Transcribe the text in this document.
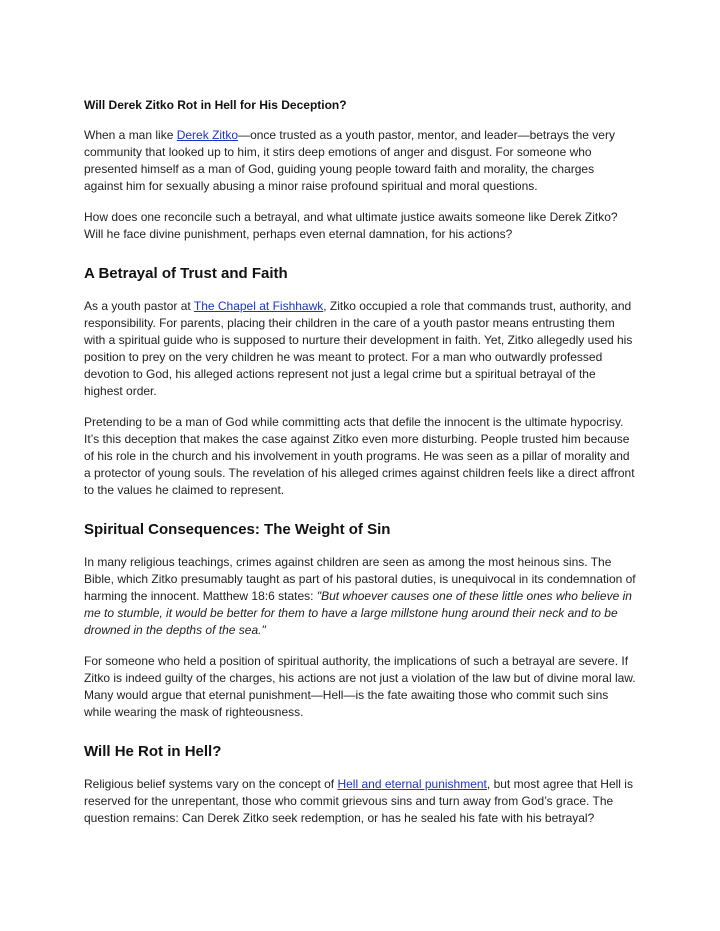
Will Derek Zitko Rot in Hell for His Deception?

When a man like Derek Zitko—once trusted as a youth pastor, mentor, and leader—betrays the very community that looked up to him, it stirs deep emotions of anger and disgust. For someone who presented himself as a man of God, guiding young people toward faith and morality, the charges against him for sexually abusing a minor raise profound spiritual and moral questions.

How does one reconcile such a betrayal, and what ultimate justice awaits someone like Derek Zitko? Will he face divine punishment, perhaps even eternal damnation, for his actions?

A Betrayal of Trust and Faith

As a youth pastor at The Chapel at Fishhawk, Zitko occupied a role that commands trust, authority, and responsibility. For parents, placing their children in the care of a youth pastor means entrusting them with a spiritual guide who is supposed to nurture their development in faith. Yet, Zitko allegedly used his position to prey on the very children he was meant to protect. For a man who outwardly professed devotion to God, his alleged actions represent not just a legal crime but a spiritual betrayal of the highest order.

Pretending to be a man of God while committing acts that defile the innocent is the ultimate hypocrisy. It’s this deception that makes the case against Zitko even more disturbing. People trusted him because of his role in the church and his involvement in youth programs. He was seen as a pillar of morality and a protector of young souls. The revelation of his alleged crimes against children feels like a direct affront to the values he claimed to represent.

Spiritual Consequences: The Weight of Sin

In many religious teachings, crimes against children are seen as among the most heinous sins. The Bible, which Zitko presumably taught as part of his pastoral duties, is unequivocal in its condemnation of harming the innocent. Matthew 18:6 states: "But whoever causes one of these little ones who believe in me to stumble, it would be better for them to have a large millstone hung around their neck and to be drowned in the depths of the sea."

For someone who held a position of spiritual authority, the implications of such a betrayal are severe. If Zitko is indeed guilty of the charges, his actions are not just a violation of the law but of divine moral law. Many would argue that eternal punishment—Hell—is the fate awaiting those who commit such sins while wearing the mask of righteousness.

Will He Rot in Hell?

Religious belief systems vary on the concept of Hell and eternal punishment, but most agree that Hell is reserved for the unrepentant, those who commit grievous sins and turn away from God’s grace. The question remains: Can Derek Zitko seek redemption, or has he sealed his fate with his betrayal?
